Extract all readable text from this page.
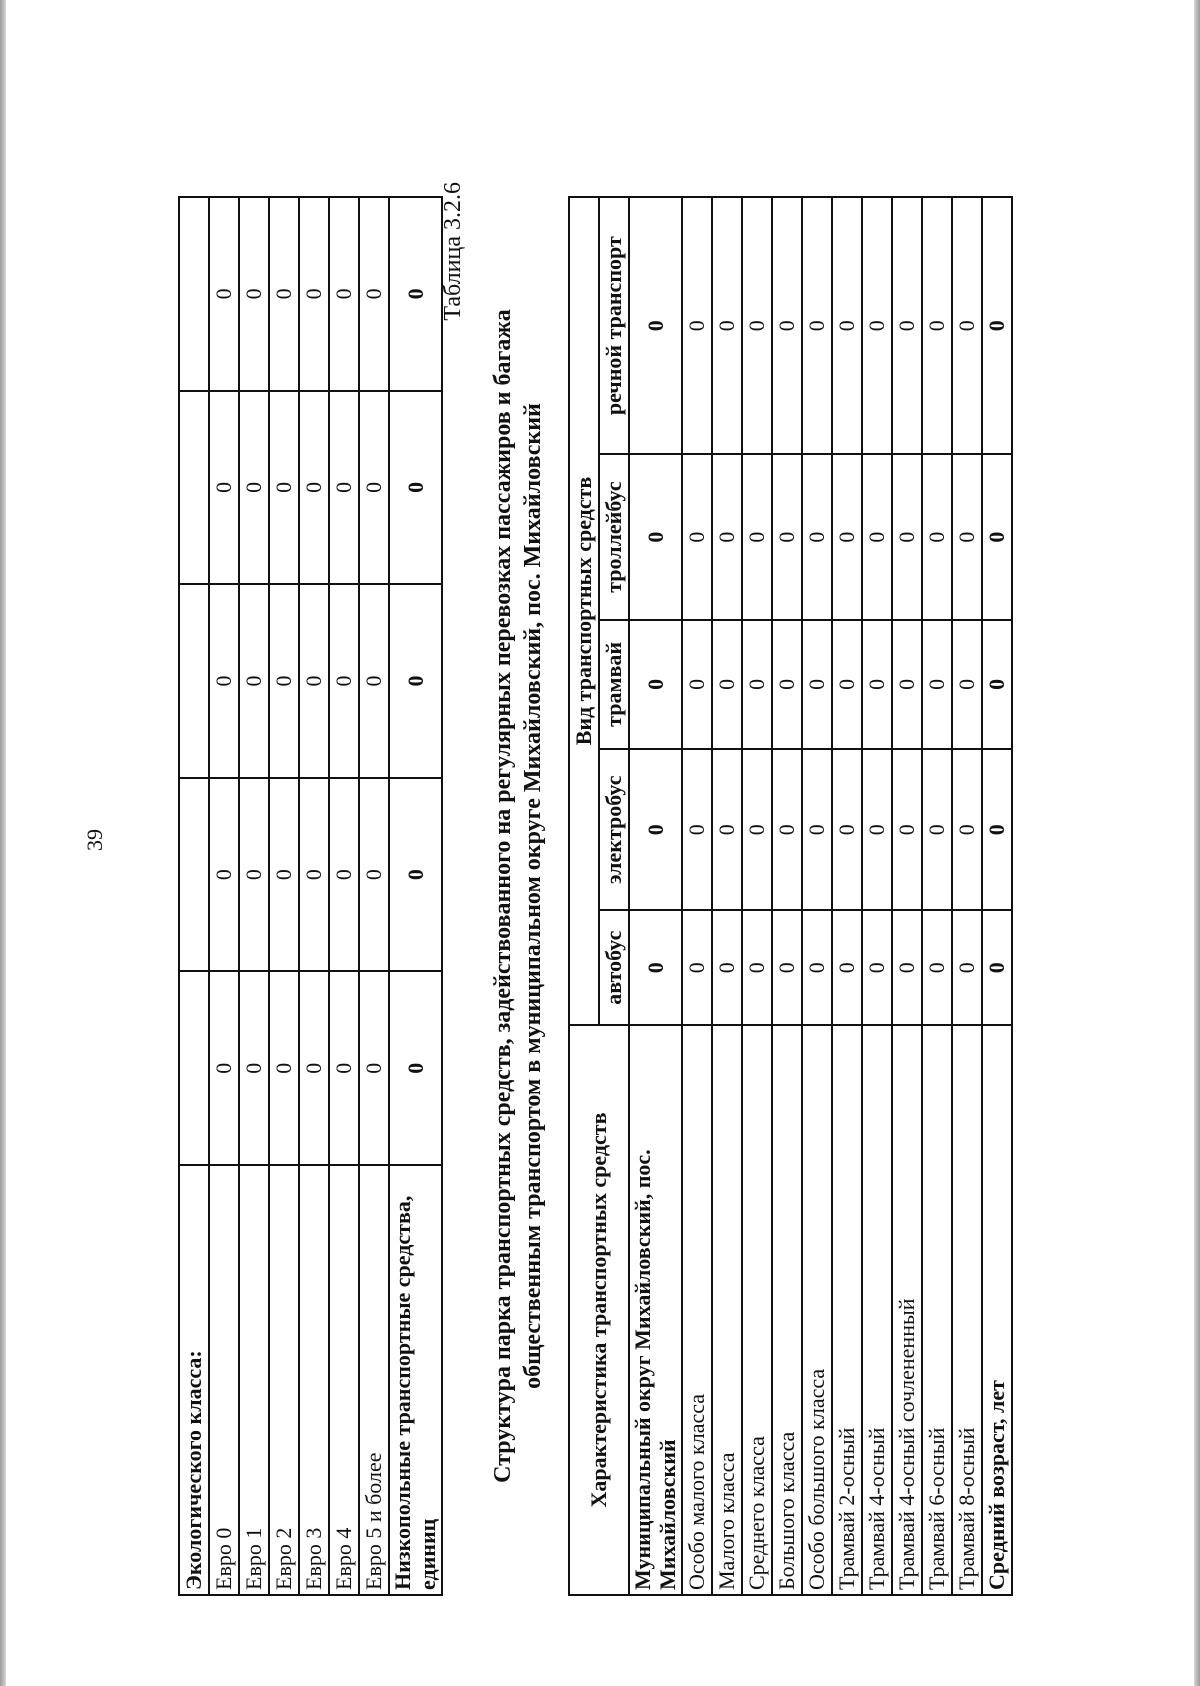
39
Экологического класса:					
Евро 0	0	0	0	0	0
Евро 1	0	0	0	0	0
Евро 2	0	0	0	0	0
Евро 3	0	0	0	0	0
Евро 4	0	0	0	0	0
Евро 5 и более	0	0	0	0	0
Низкопольные транспортные средства, единиц	0	0	0	0	0 Таблица 3.2.6
Структура парка транспортных средств, задействованного на регулярных перевозках пассажиров и багажа общественным транспортом в муниципальном округе Михайловский, пос. Михайловский Характеристика транспортных средств	Вид транспортных средств				
	автобус	электробус	трамвай	троллейбус	речной транспорт
Муниципальный округ Михайловский, пос. Михайловский	0	0	0	0	0
Особо малого класса	0	0	0	0	0
Малого класса	0	0	0	0	0
Среднего класса	0	0	0	0	0
Большого класса	0	0	0	0	0
Особо большого класса	0	0	0	0	0
Трамвай 2-осный	0	0	0	0	0
Трамвай 4-осный	0	0	0	0	0
Трамвай 4-осный сочлененный	0	0	0	0	0
Трамвай 6-осный	0	0	0	0	0
Трамвай 8-осный	0	0	0	0	0
Средний возраст, лет	0	0	0	0	0
